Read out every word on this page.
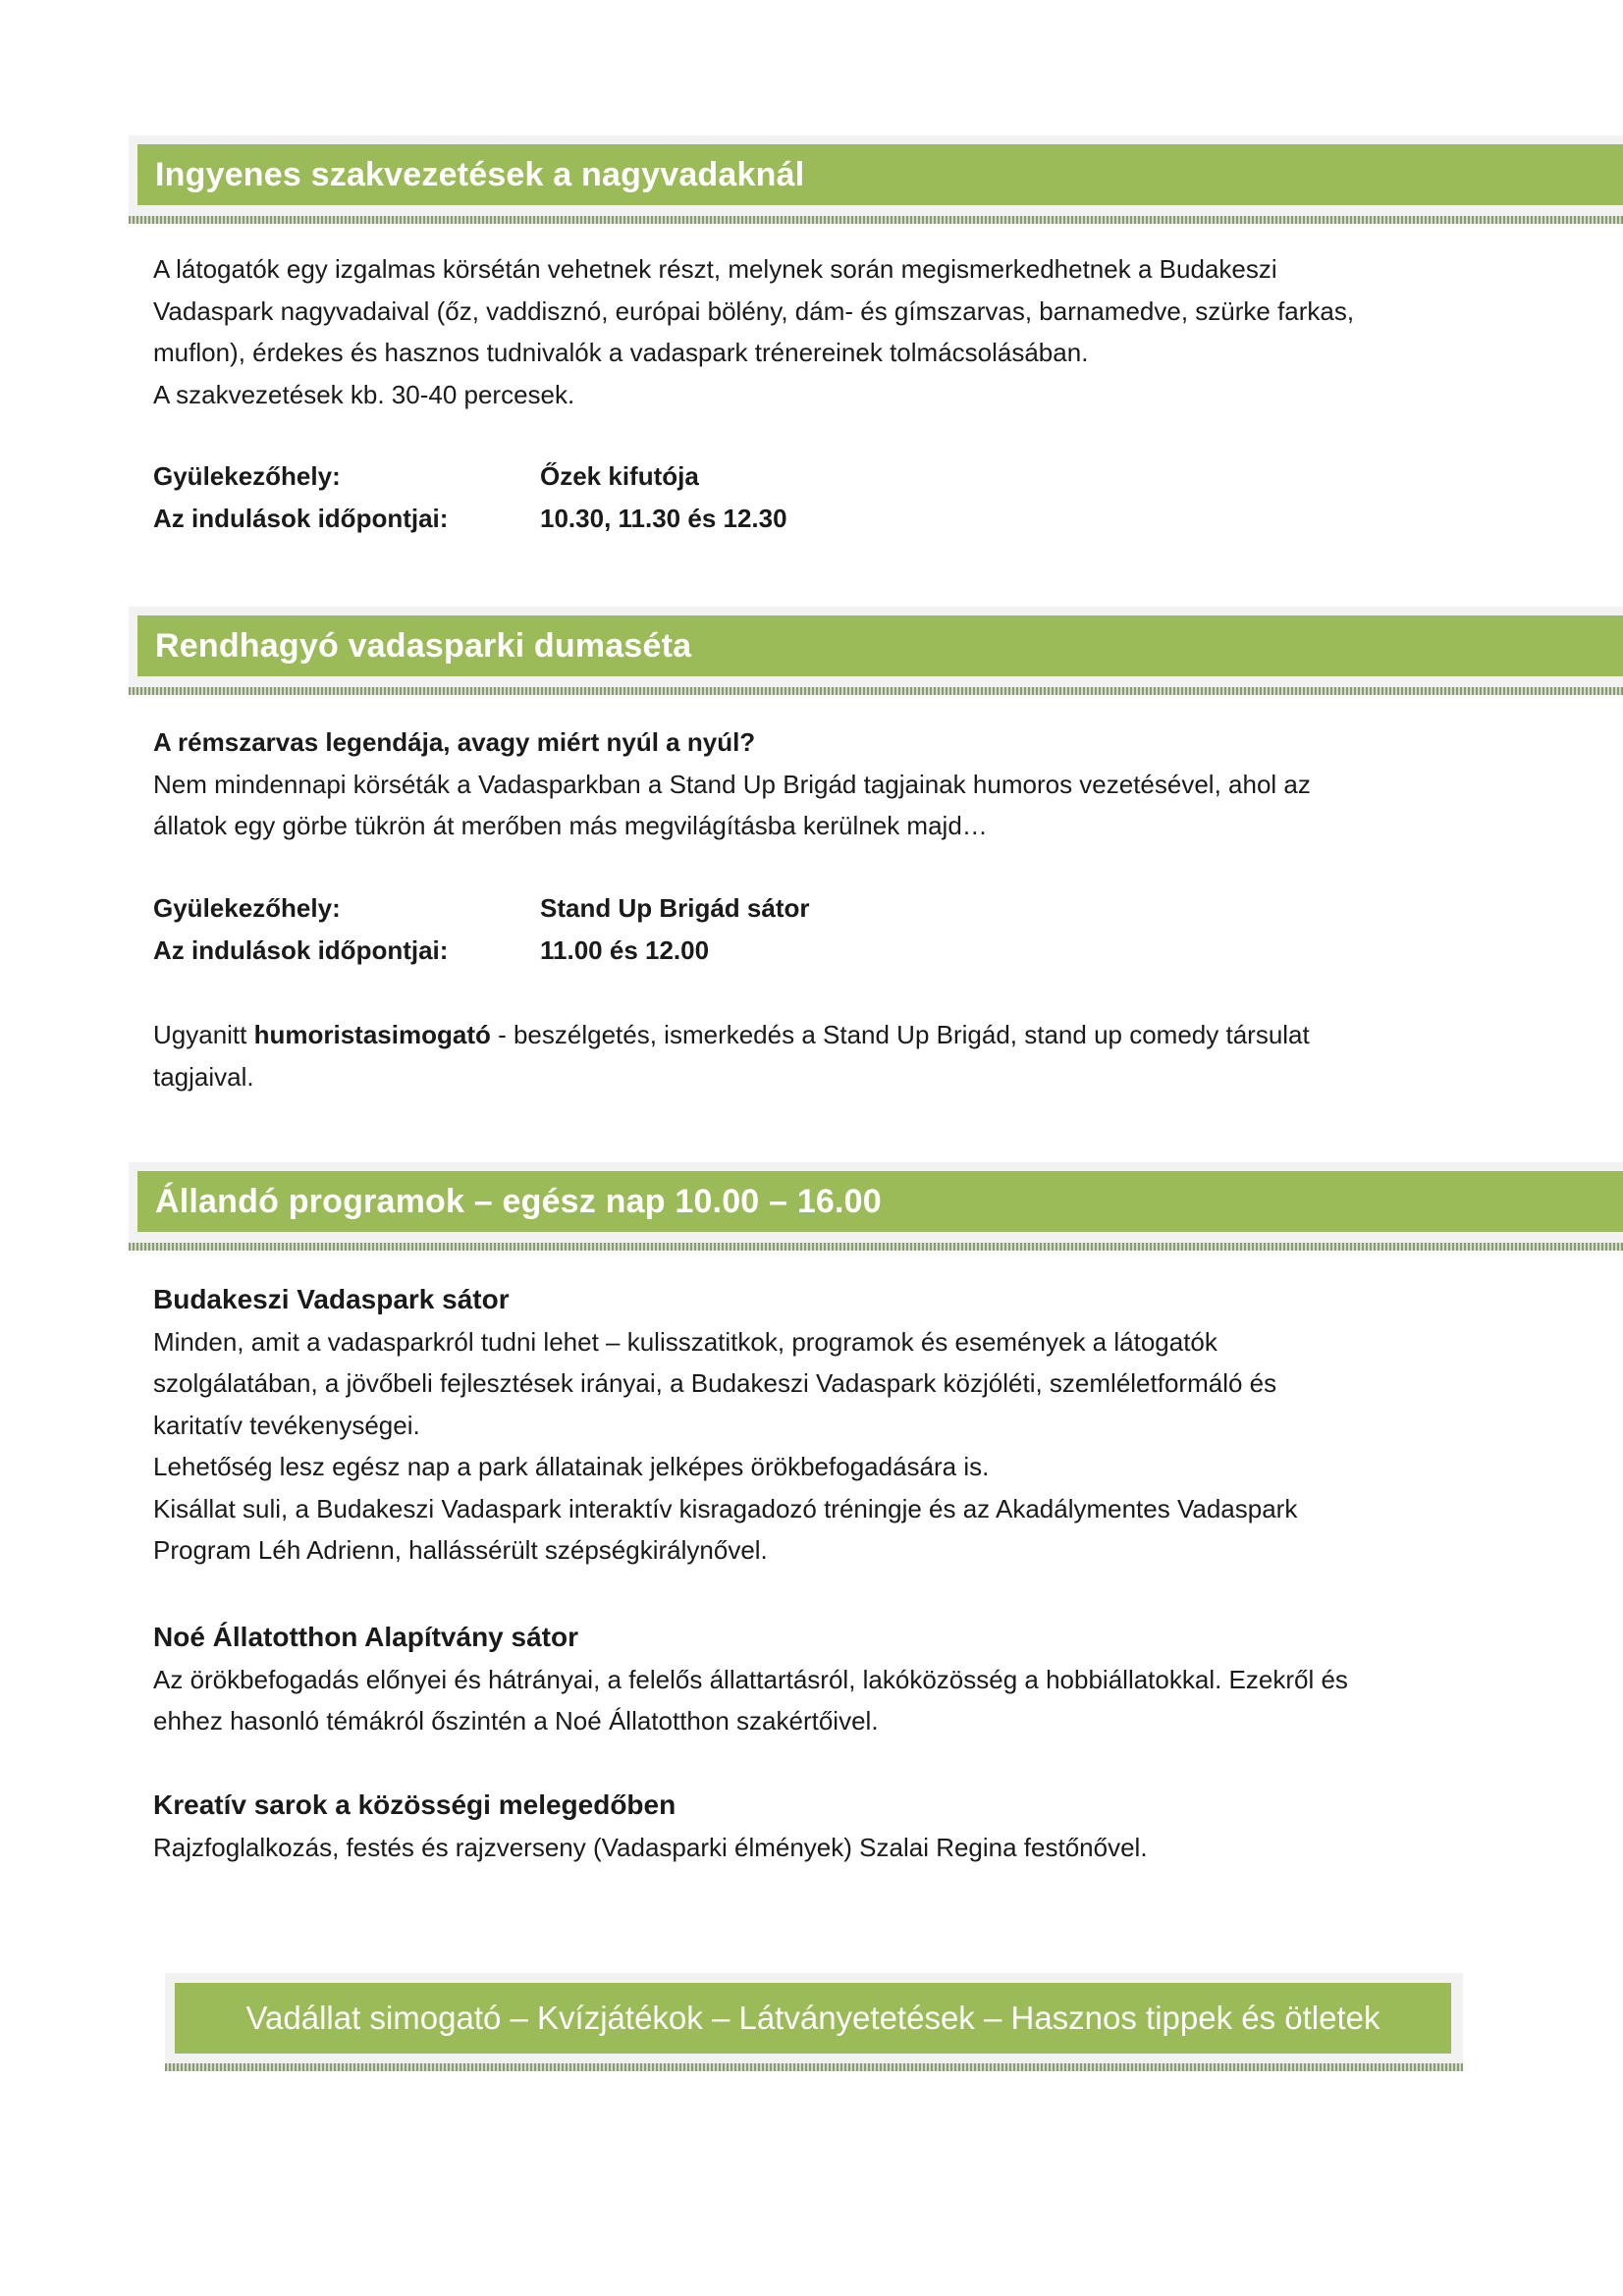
Ingyenes szakvezetések a nagyvadaknál

A látogatók egy izgalmas körsétán vehetnek részt, melynek során megismerkedhetnek a Budakeszi

Vadaspark nagyvadaival (őz, vaddisznó, európai bölény, dám- és gímszarvas, barnamedve, szürke farkas,

muflon), érdekes és hasznos tudnivalók a vadaspark trénereinek tolmácsolásában.

A szakvezetések kb. 30-40 percesek.

Gyülekezőhely:	Őzek kifutója
Az indulások időpontjai:	10.30, 11.30 és 12.30
Rendhagyó vadasparki dumaséta

A rémszarvas legendája, avagy miért nyúl a nyúl?

Nem mindennapi körséták a Vadasparkban a Stand Up Brigád tagjainak humoros vezetésével, ahol az

állatok egy görbe tükrön át merőben más megvilágításba kerülnek majd…

Gyülekezőhely:	Stand Up Brigád sátor
Az indulások időpontjai:	11.00 és 12.00

Ugyanitt humoristasimogató - beszélgetés, ismerkedés a Stand Up Brigád, stand up comedy társulat

tagjaival.

Állandó programok – egész nap 10.00 – 16.00

Budakeszi Vadaspark sátor

Minden, amit a vadasparkról tudni lehet – kulisszatitkok, programok és események a látogatók

szolgálatában, a jövőbeli fejlesztések irányai, a Budakeszi Vadaspark közjóléti, szemléletformáló és

karitatív tevékenységei.

Lehetőség lesz egész nap a park állatainak jelképes örökbefogadására is.

Kisállat suli, a Budakeszi Vadaspark interaktív kisragadozó tréningje és az Akadálymentes Vadaspark

Program Léh Adrienn, hallássérült szépségkirálynővel.

Noé Állatotthon Alapítvány sátor

Az örökbefogadás előnyei és hátrányai, a felelős állattartásról, lakóközösség a hobbiállatokkal. Ezekről és

ehhez hasonló témákról őszintén a Noé Állatotthon szakértőivel.

Kreatív sarok a közösségi melegedőben

Rajzfoglalkozás, festés és rajzverseny (Vadasparki élmények) Szalai Regina festőnővel.

Vadállat simogató – Kvízjátékok – Látványetetések – Hasznos tippek és ötletek
